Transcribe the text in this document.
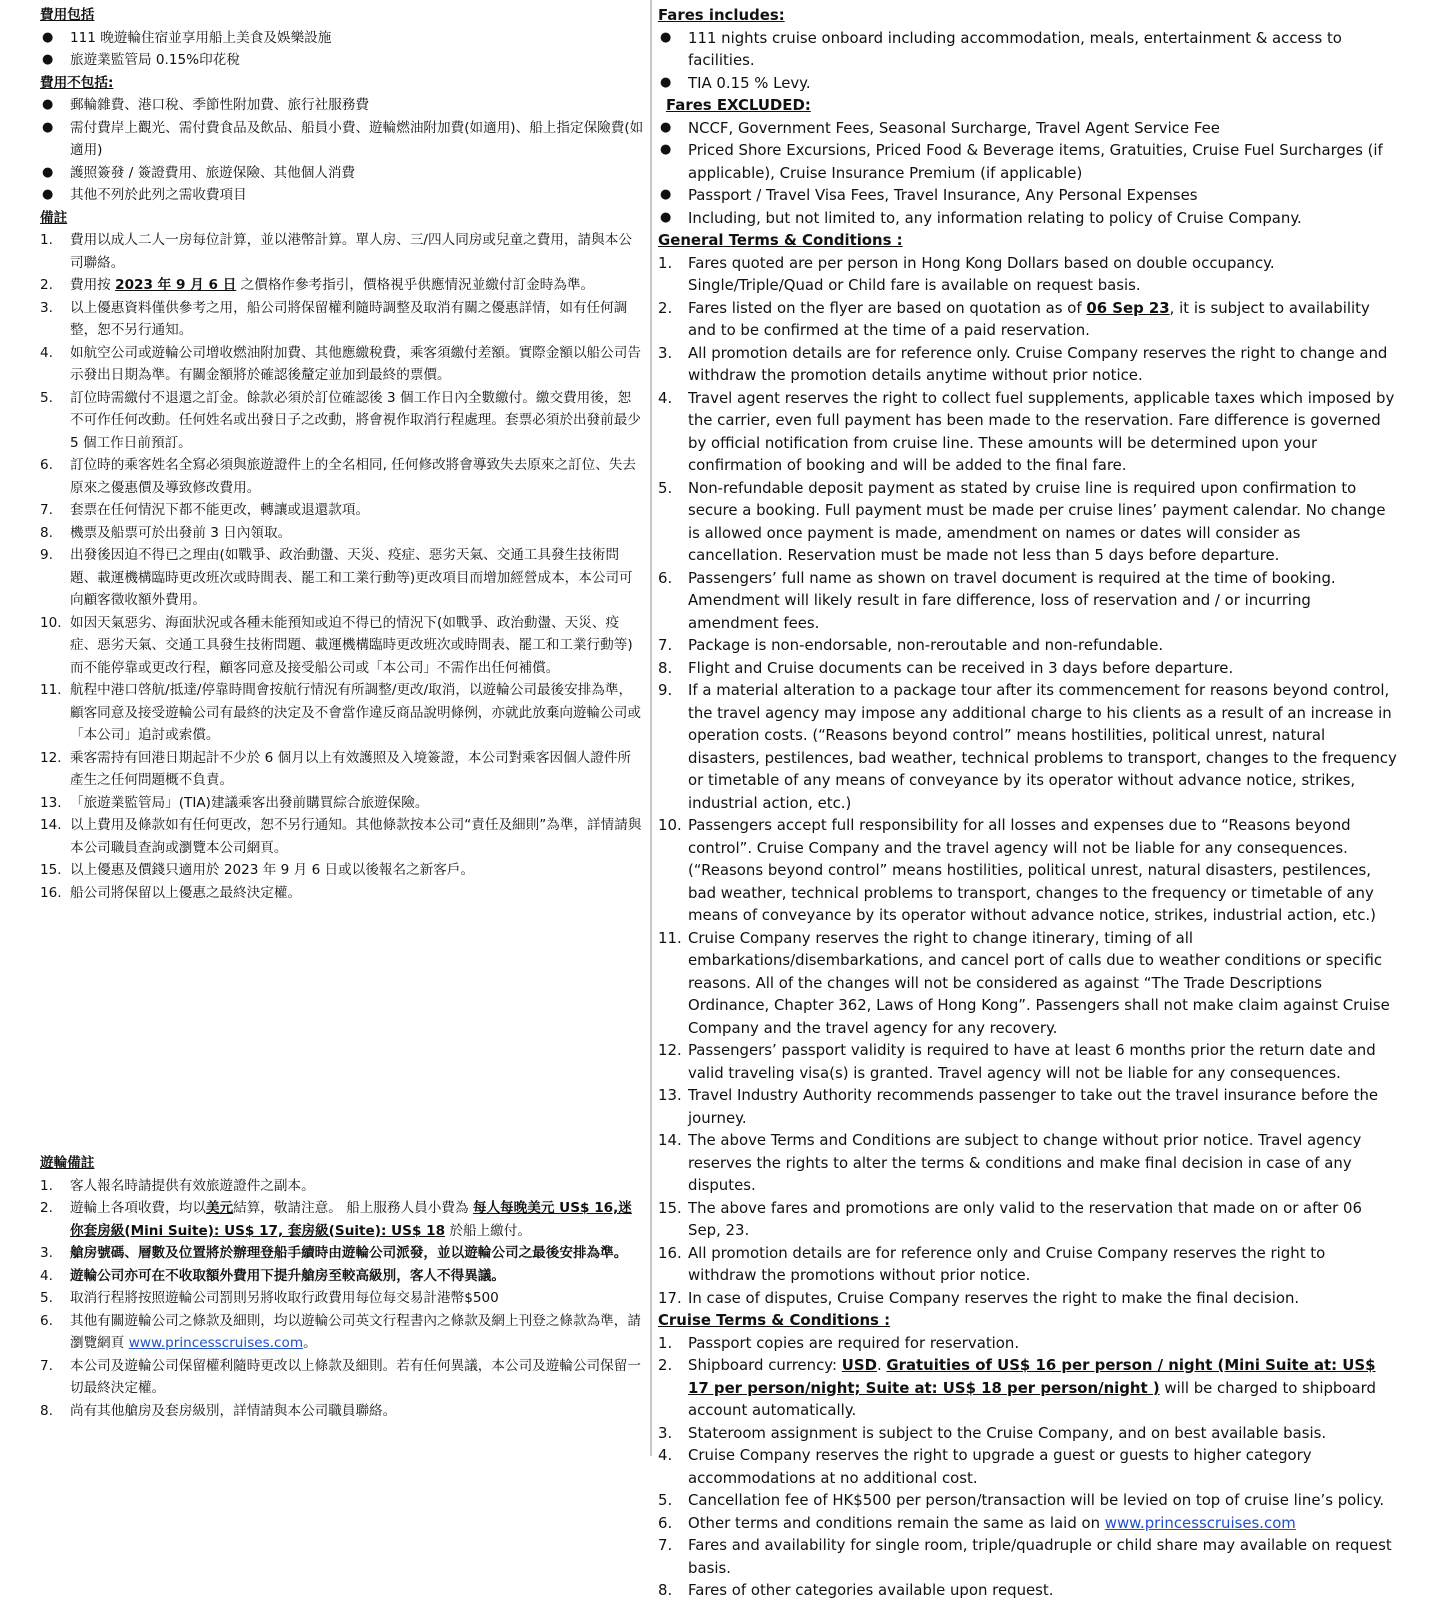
費用包括
●	111 晚遊輪住宿並享用船上美食及娛樂設施
●	旅遊業監管局 0.15%印花稅
費用不包括:
●	郵輪雜費、港口稅、季節性附加費、旅行社服務費
●	需付費岸上觀光、需付費食品及飲品、船員小費、遊輪燃油附加費(如適用)、船上指定保險費(如適用)
●	護照簽發 / 簽證費用、旅遊保險、其他個人消費
●	其他不列於此列之需收費項目
備註
1.	費用以成人二人一房每位計算，並以港幣計算。單人房、三/四人同房或兒童之費用，請與本公司聯絡。
2.	費用按 2023 年 9 月 6 日 之價格作參考指引，價格視乎供應情況並繳付訂金時為準。
3.	以上優惠資料僅供參考之用，船公司將保留權利隨時調整及取消有關之優惠詳情，如有任何調整，恕不另行通知。
4.	如航空公司或遊輪公司增收燃油附加費、其他應繳稅費，乘客須繳付差額。實際金額以船公司告示發出日期為準。有關金額將於確認後釐定並加到最終的票價。
5.	訂位時需繳付不退還之訂金。餘款必須於訂位確認後 3 個工作日內全數繳付。繳交費用後，恕不可作任何改動。任何姓名或出發日子之改動，將會視作取消行程處理。套票必須於出發前最少 5 個工作日前預訂。
6.	訂位時的乘客姓名全寫必須與旅遊證件上的全名相同, 任何修改將會導致失去原來之訂位、失去原來之優惠價及導致修改費用。
7.	套票在任何情況下都不能更改，轉讓或退還款項。
8.	機票及船票可於出發前 3 日內領取。
9.	出發後因迫不得已之理由(如戰爭、政治動盪、天災、疫症、惡劣天氣、交通工具發生技術問題、載運機構臨時更改班次或時間表、罷工和工業行動等)更改項目而增加經營成本，本公司可向顧客徵收額外費用。
10. 如因天氣惡劣、海面狀況或各種未能預知或迫不得已的情況下(如戰爭、政治動盪、天災、疫症、惡劣天氣、交通工具發生技術問題、載運機構臨時更改班次或時間表、罷工和工業行動等)而不能停靠或更改行程，顧客同意及接受船公司或「本公司」不需作出任何補償。
11. 航程中港口啓航/抵達/停靠時間會按航行情況有所調整/更改/取消，以遊輪公司最後安排為準，顧客同意及接受遊輪公司有最終的決定及不會當作違反商品說明條例，亦就此放棄向遊輪公司或「本公司」追討或索償。
12. 乘客需持有回港日期起計不少於 6 個月以上有效護照及入境簽證，本公司對乘客因個人證件所產生之任何問題概不負責。
13. 「旅遊業監管局」(TIA)建議乘客出發前購買綜合旅遊保險。
14. 以上費用及條款如有任何更改，恕不另行通知。其他條款按本公司“責任及細則”為準，詳情請與本公司職員查詢或瀏覽本公司網頁。
15. 以上優惠及價錢只適用於 2023 年 9 月 6 日或以後報名之新客戶。
16. 船公司將保留以上優惠之最終決定權。
遊輪備註
1.	客人報名時請提供有效旅遊證件之副本。
2.	遊輪上各項收費，均以美元結算，敬請注意。 船上服務人員小費為 每人每晚美元 US$ 16,迷你套房級(Mini Suite): US$ 17, 套房級(Suite): US$ 18 於船上繳付。
3.	艙房號碼、層數及位置將於辦理登船手續時由遊輪公司派發，並以遊輪公司之最後安排為準。
4.	遊輪公司亦可在不收取額外費用下提升艙房至較高級別，客人不得異議。
5.	取消行程將按照遊輪公司罰則另將收取行政費用每位每交易計港幣$500
6.	其他有關遊輪公司之條款及細則，均以遊輪公司英文行程書內之條款及網上刊登之條款為準，請瀏覽網頁 www.princesscruises.com。
7.	本公司及遊輪公司保留權利隨時更改以上條款及細則。若有任何異議，本公司及遊輪公司保留一切最終決定權。
8.	尚有其他艙房及套房級別，詳情請與本公司職員聯絡。
Fares includes:
●	111 nights cruise onboard including accommodation, meals, entertainment & access to facilities.
●	TIA 0.15 % Levy.
Fares EXCLUDED:
●	NCCF, Government Fees, Seasonal Surcharge, Travel Agent Service Fee
●	Priced Shore Excursions, Priced Food & Beverage items, Gratuities, Cruise Fuel Surcharges (if applicable), Cruise Insurance Premium (if applicable)
●	Passport / Travel Visa Fees, Travel Insurance, Any Personal Expenses
●	Including, but not limited to, any information relating to policy of Cruise Company.
General Terms & Conditions :
1.	Fares quoted are per person in Hong Kong Dollars based on double occupancy. Single/Triple/Quad or Child fare is available on request basis.
2.	Fares listed on the flyer are based on quotation as of 06 Sep 23, it is subject to availability and to be confirmed at the time of a paid reservation.
3.	All promotion details are for reference only. Cruise Company reserves the right to change and withdraw the promotion details anytime without prior notice.
4.	Travel agent reserves the right to collect fuel supplements, applicable taxes which imposed by the carrier, even full payment has been made to the reservation. Fare difference is governed by official notification from cruise line. These amounts will be determined upon your confirmation of booking and will be added to the final fare.
5.	Non-refundable deposit payment as stated by cruise line is required upon confirmation to secure a booking. Full payment must be made per cruise lines’ payment calendar. No change is allowed once payment is made, amendment on names or dates will consider as cancellation. Reservation must be made not less than 5 days before departure.
6.	Passengers’ full name as shown on travel document is required at the time of booking. Amendment will likely result in fare difference, loss of reservation and / or incurring amendment fees.
7.	Package is non-endorsable, non-reroutable and non-refundable.
8.	Flight and Cruise documents can be received in 3 days before departure.
9.	If a material alteration to a package tour after its commencement for reasons beyond control, the travel agency may impose any additional charge to his clients as a result of an increase in operation costs. (“Reasons beyond control” means hostilities, political unrest, natural disasters, pestilences, bad weather, technical problems to transport, changes to the frequency or timetable of any means of conveyance by its operator without advance notice, strikes, industrial action, etc.)
10. Passengers accept full responsibility for all losses and expenses due to “Reasons beyond control”. Cruise Company and the travel agency will not be liable for any consequences. (“Reasons beyond control” means hostilities, political unrest, natural disasters, pestilences, bad weather, technical problems to transport, changes to the frequency or timetable of any means of conveyance by its operator without advance notice, strikes, industrial action, etc.)
11. Cruise Company reserves the right to change itinerary, timing of all embarkations/disembarkations, and cancel port of calls due to weather conditions or specific reasons. All of the changes will not be considered as against “The Trade Descriptions Ordinance, Chapter 362, Laws of Hong Kong”. Passengers shall not make claim against Cruise Company and the travel agency for any recovery.
12. Passengers’ passport validity is required to have at least 6 months prior the return date and valid traveling visa(s) is granted. Travel agency will not be liable for any consequences.
13. Travel Industry Authority recommends passenger to take out the travel insurance before the journey.
14. The above Terms and Conditions are subject to change without prior notice. Travel agency reserves the rights to alter the terms & conditions and make final decision in case of any disputes.
15. The above fares and promotions are only valid to the reservation that made on or after 06 Sep, 23.
16. All promotion details are for reference only and Cruise Company reserves the right to withdraw the promotions without prior notice.
17. In case of disputes, Cruise Company reserves the right to make the final decision.
Cruise Terms & Conditions :
1.	Passport copies are required for reservation.
2.	Shipboard currency: USD. Gratuities of US$ 16 per person / night (Mini Suite at: US$ 17 per person/night; Suite at: US$ 18 per person/night ) will be charged to shipboard account automatically.
3.	Stateroom assignment is subject to the Cruise Company, and on best available basis.
4.	Cruise Company reserves the right to upgrade a guest or guests to higher category accommodations at no additional cost.
5.	Cancellation fee of HK$500 per person/transaction will be levied on top of cruise line’s policy.
6.	Other terms and conditions remain the same as laid on www.princesscruises.com
7.	Fares and availability for single room, triple/quadruple or child share may available on request basis.
8.	Fares of other categories available upon request.
